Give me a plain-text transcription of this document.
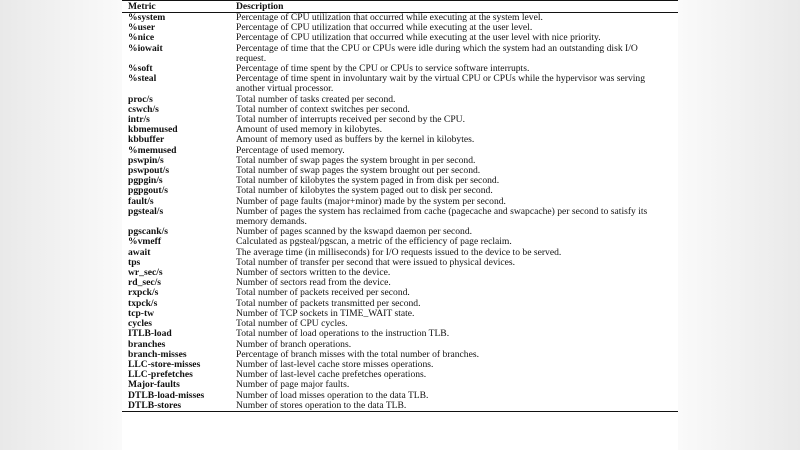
Metric	Description
%system	Percentage of CPU utilization that occurred while executing at the system level.
%user	Percentage of CPU utilization that occurred while executing at the user level.
%nice	Percentage of CPU utilization that occurred while executing at the user level with nice priority.
%iowait	Percentage of time that the CPU or CPUs were idle during which the system had an outstanding disk I/O request.
%soft	Percentage of time spent by the CPU or CPUs to service software interrupts.
%steal	Percentage of time spent in involuntary wait by the virtual CPU or CPUs while the hypervisor was serving another virtual processor.
proc/s	Total number of tasks created per second.
cswch/s	Total number of context switches per second.
intr/s	Total number of interrupts received per second by the CPU.
kbmemused	Amount of used memory in kilobytes.
kbbuffer	Amount of memory used as buffers by the kernel in kilobytes.
%memused	Percentage of used memory.
pswpin/s	Total number of swap pages the system brought in per second.
pswpout/s	Total number of swap pages the system brought out per second.
pgpgin/s	Total number of kilobytes the system paged in from disk per second.
pgpgout/s	Total number of kilobytes the system paged out to disk per second.
fault/s	Number of page faults (major+minor) made by the system per second.
pgsteal/s	Number of pages the system has reclaimed from cache (pagecache and swapcache) per second to satisfy its memory demands.
pgscank/s	Number of pages scanned by the kswapd daemon per second.
%vmeff	Calculated as pgsteal/pgscan, a metric of the efficiency of page reclaim.
await	The average time (in milliseconds) for I/O requests issued to the device to be served.
tps	Total number of transfer per second that were issued to physical devices.
wr_sec/s	Number of sectors written to the device.
rd_sec/s	Number of sectors read from the device.
rxpck/s	Total number of packets received per second.
txpck/s	Total number of packets transmitted per second.
tcp-tw	Number of TCP sockets in TIME_WAIT state.
cycles	Total number of CPU cycles.
ITLB-load	Total number of load operations to the instruction TLB.
branches	Number of branch operations.
branch-misses	Percentage of branch misses with the total number of branches.
LLC-store-misses	Number of last-level cache store misses operations.
LLC-prefetches	Number of last-level cache prefetches operations.
Major-faults	Number of page major faults.
DTLB-load-misses	Number of load misses operation to the data TLB.
DTLB-stores	Number of stores operation to the data TLB.
